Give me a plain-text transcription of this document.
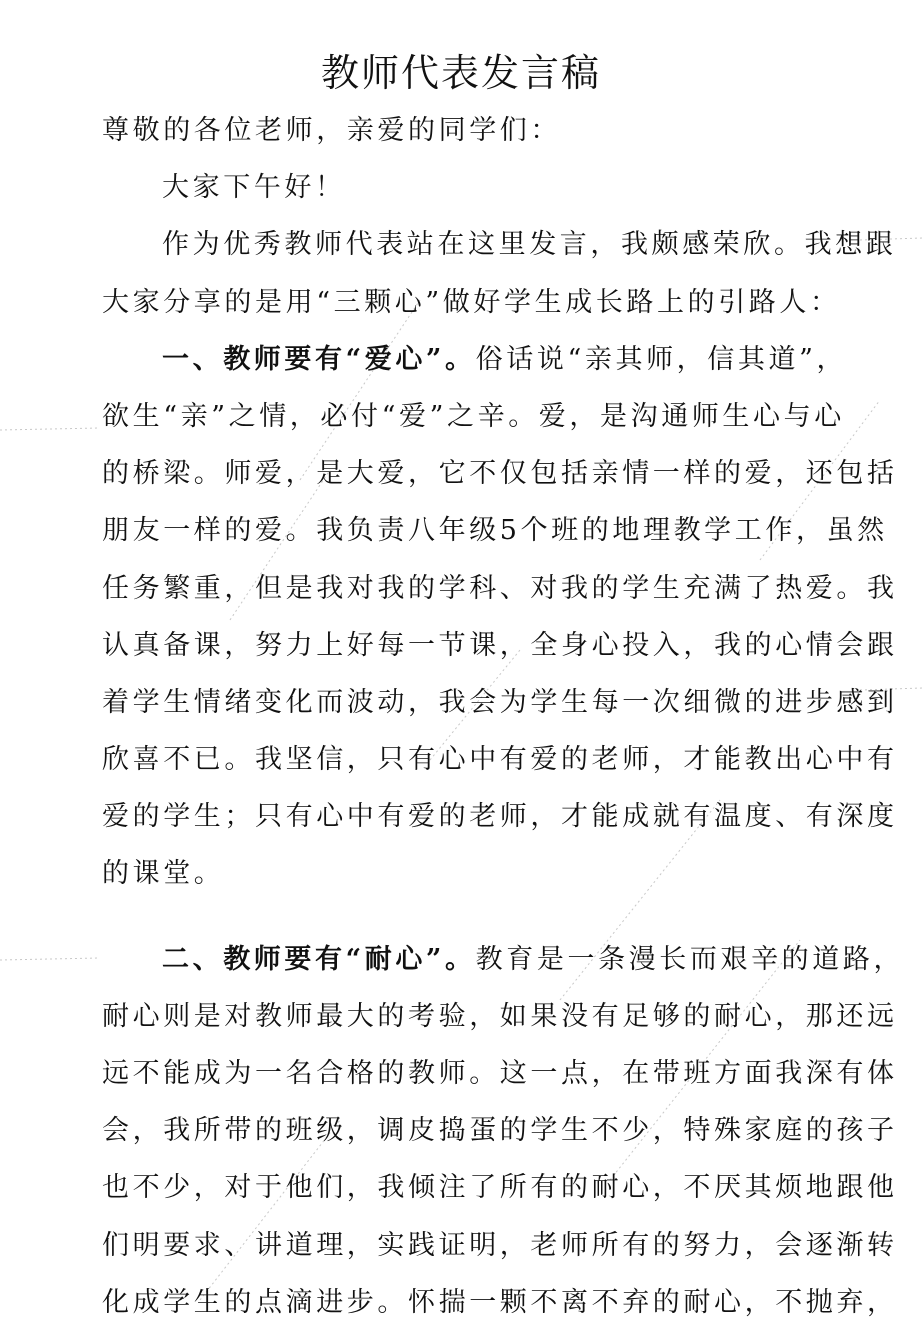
教师代表发言稿
尊敬的各位老师，亲爱的同学们：
大家下午好！
作为优秀教师代表站在这里发言，我颇感荣欣。我想跟
大家分享的是用“三颗心”做好学生成长路上的引路人：
一、教师要有“爱心”。俗话说“亲其师，信其道”，
欲生“亲”之情，必付“爱”之辛。爱，是沟通师生心与心
的桥梁。师爱，是大爱，它不仅包括亲情一样的爱，还包括
朋友一样的爱。我负责八年级5个班的地理教学工作，虽然
任务繁重，但是我对我的学科、对我的学生充满了热爱。我
认真备课，努力上好每一节课，全身心投入，我的心情会跟
着学生情绪变化而波动，我会为学生每一次细微的进步感到
欣喜不已。我坚信，只有心中有爱的老师，才能教出心中有
爱的学生；只有心中有爱的老师，才能成就有温度、有深度
的课堂。
二、教师要有“耐心”。教育是一条漫长而艰辛的道路，
耐心则是对教师最大的考验，如果没有足够的耐心，那还远
远不能成为一名合格的教师。这一点，在带班方面我深有体
会，我所带的班级，调皮捣蛋的学生不少，特殊家庭的孩子
也不少，对于他们，我倾注了所有的耐心，不厌其烦地跟他
们明要求、讲道理，实践证明，老师所有的努力，会逐渐转
化成学生的点滴进步。怀揣一颗不离不弃的耐心，不抛弃，
